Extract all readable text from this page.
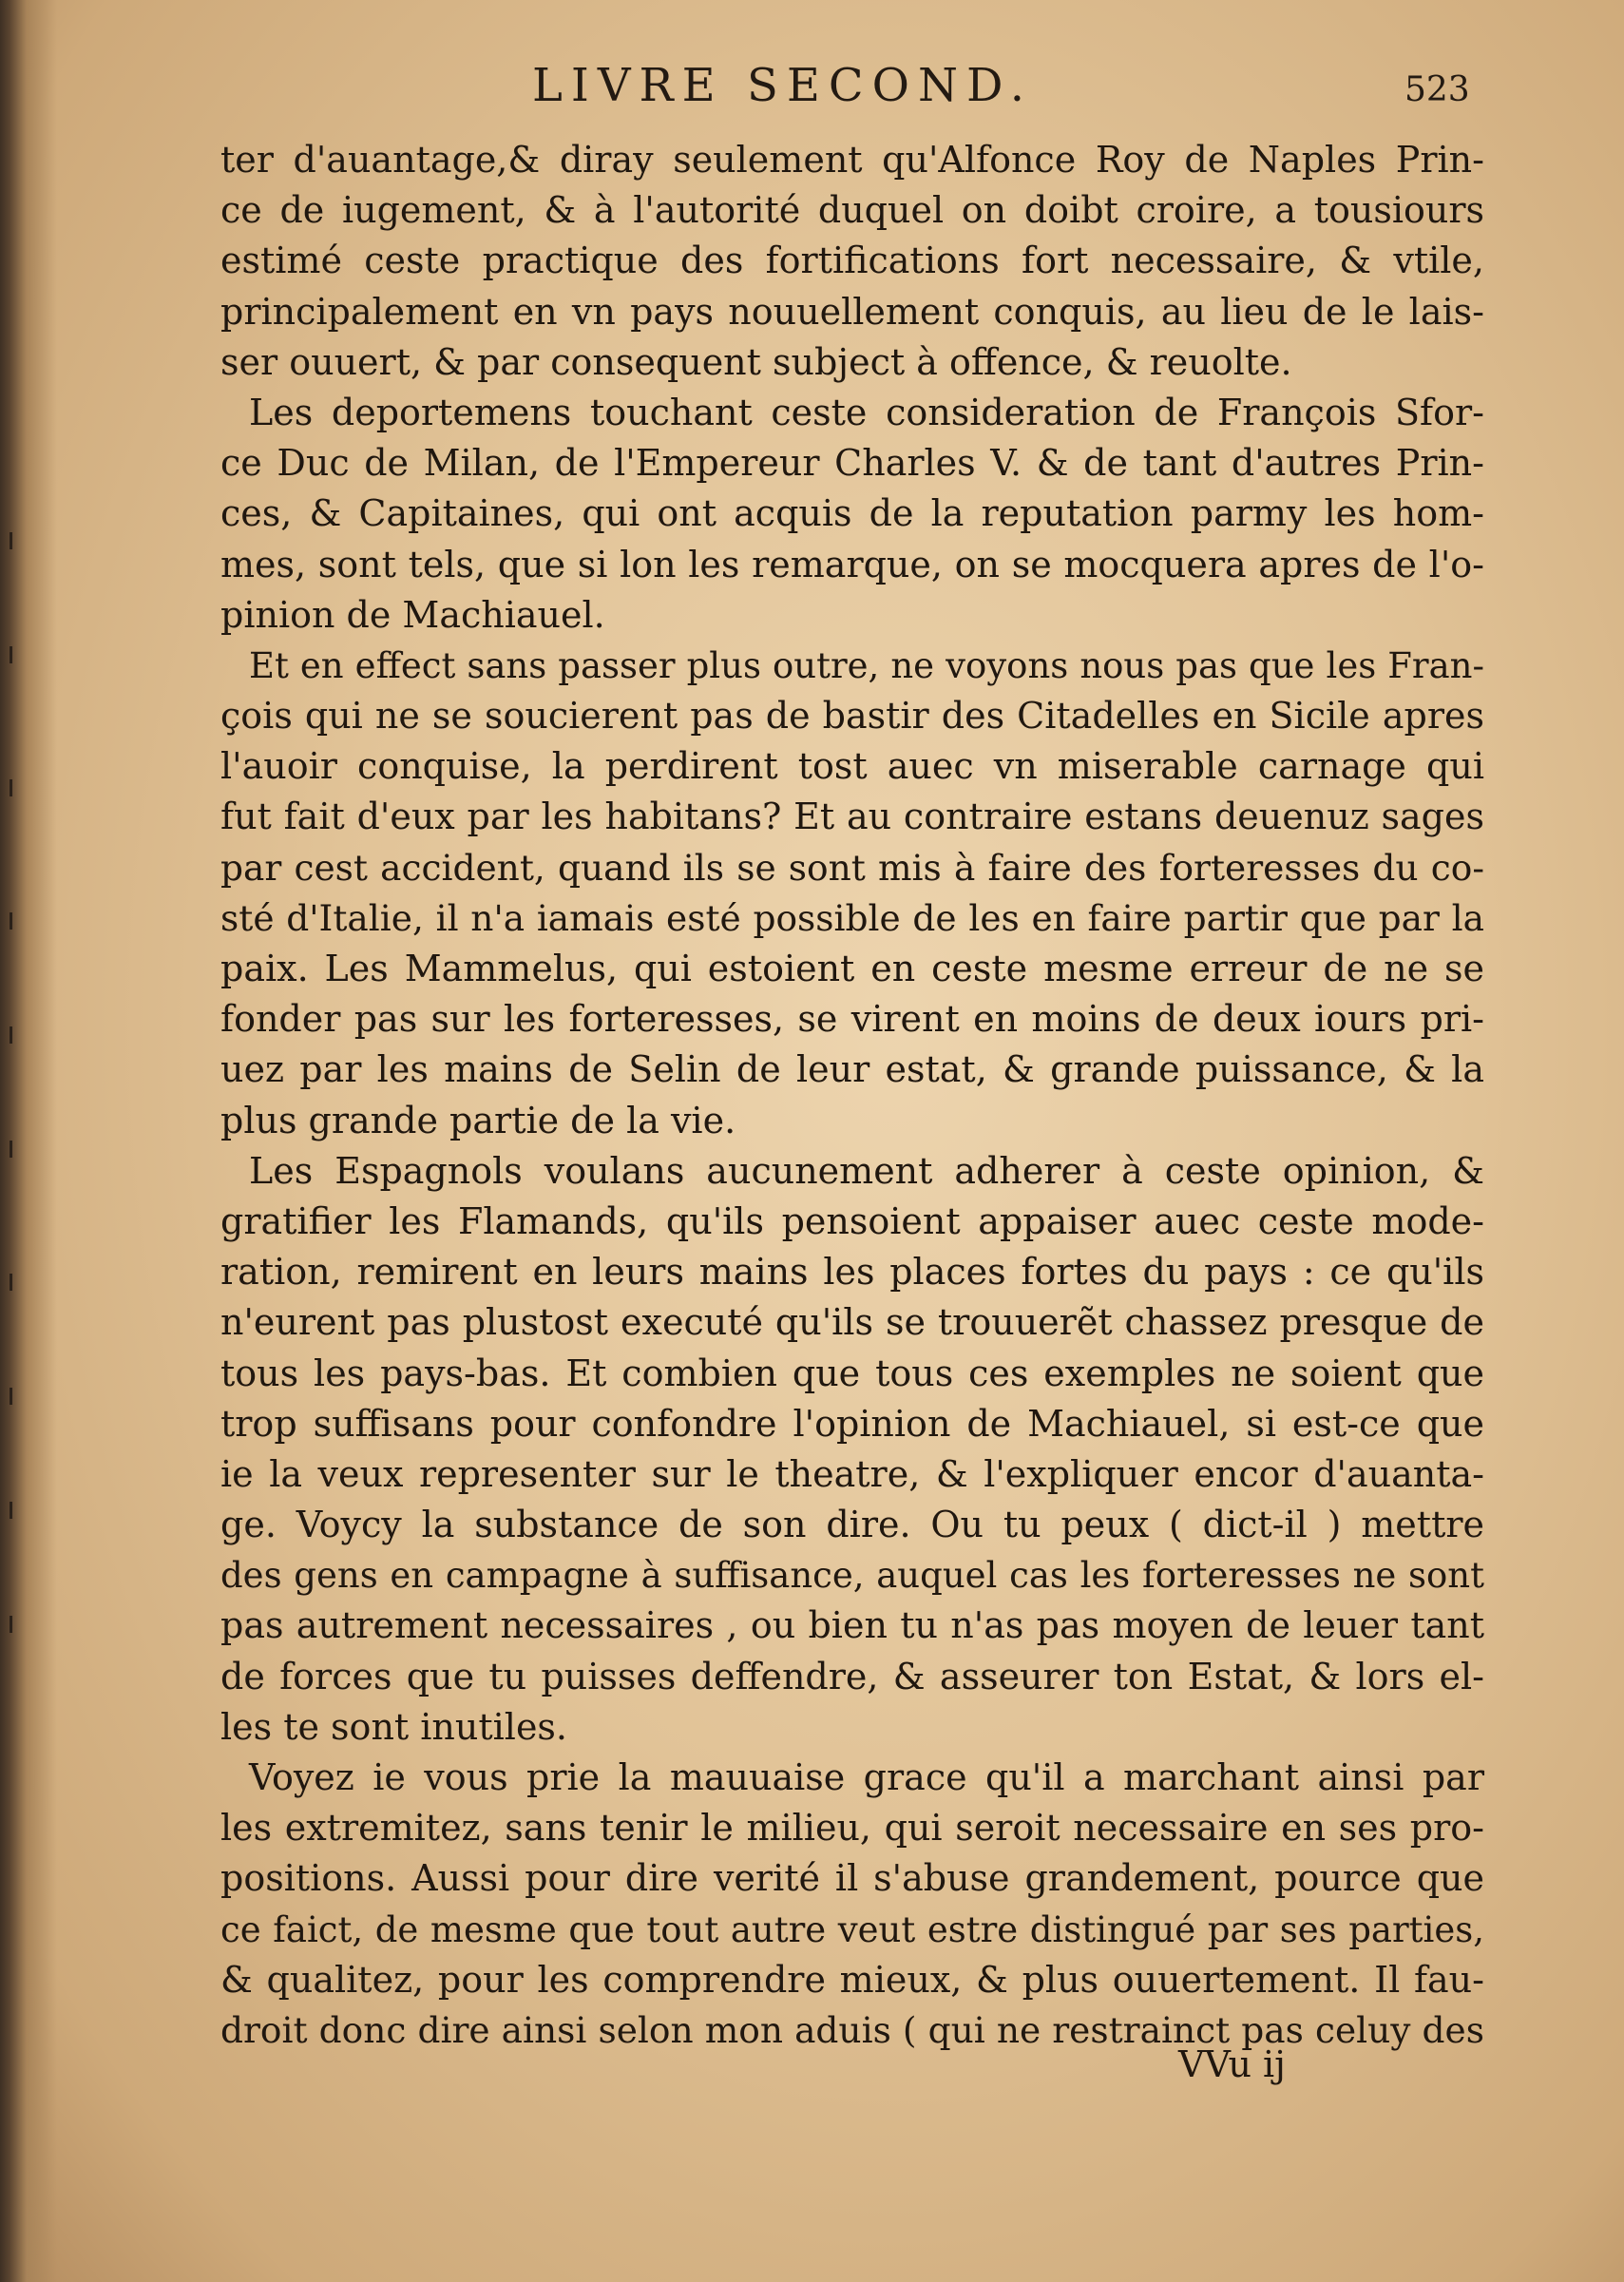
LIVRE SECOND.	523
ter d'auantage,& diray seulement qu'Alfonce Roy de Naples Prin-
ce de iugement, & à l'autorité duquel on doibt croire, a tousiours
estimé ceste practique des fortifications fort necessaire, & vtile,
principalement en vn pays nouuellement conquis, au lieu de le lais-
ser ouuert, & par consequent subject à offence, & reuolte.
Les deportemens touchant ceste consideration de François Sfor-
ce Duc de Milan, de l'Empereur Charles V. & de tant d'autres Prin-
ces, & Capitaines, qui ont acquis de la reputation parmy les hom-
mes, sont tels, que si lon les remarque, on se mocquera apres de l'o-
pinion de Machiauel.
Et en effect sans passer plus outre, ne voyons nous pas que les Fran-
çois qui ne se soucierent pas de bastir des Citadelles en Sicile apres
l'auoir conquise, la perdirent tost auec vn miserable carnage qui
fut fait d'eux par les habitans? Et au contraire estans deuenuz sages
par cest accident, quand ils se sont mis à faire des forteresses du co-
sté d'Italie, il n'a iamais esté possible de les en faire partir que par la
paix. Les Mammelus, qui estoient en ceste mesme erreur de ne se
fonder pas sur les forteresses, se virent en moins de deux iours pri-
uez par les mains de Selin de leur estat, & grande puissance, & la
plus grande partie de la vie.
Les Espagnols voulans aucunement adherer à ceste opinion, &
gratifier les Flamands, qu'ils pensoient appaiser auec ceste mode-
ration, remirent en leurs mains les places fortes du pays : ce qu'ils
n'eurent pas plustost executé qu'ils se trouuerẽt chassez presque de
tous les pays-bas. Et combien que tous ces exemples ne soient que
trop suffisans pour confondre l'opinion de Machiauel, si est-ce que
ie la veux representer sur le theatre, & l'expliquer encor d'auanta-
ge. Voycy la substance de son dire. Ou tu peux ( dict-il ) mettre
des gens en campagne à suffisance, auquel cas les forteresses ne sont
pas autrement necessaires , ou bien tu n'as pas moyen de leuer tant
de forces que tu puisses deffendre, & asseurer ton Estat, & lors el-
les te sont inutiles.
Voyez ie vous prie la mauuaise grace qu'il a marchant ainsi par
les extremitez, sans tenir le milieu, qui seroit necessaire en ses pro-
positions. Aussi pour dire verité il s'abuse grandement, pource que
ce faict, de mesme que tout autre veut estre distingué par ses parties,
& qualitez, pour les comprendre mieux, & plus ouuertement. Il fau-
droit donc dire ainsi selon mon aduis ( qui ne restrainct pas celuy des
VVu ij
